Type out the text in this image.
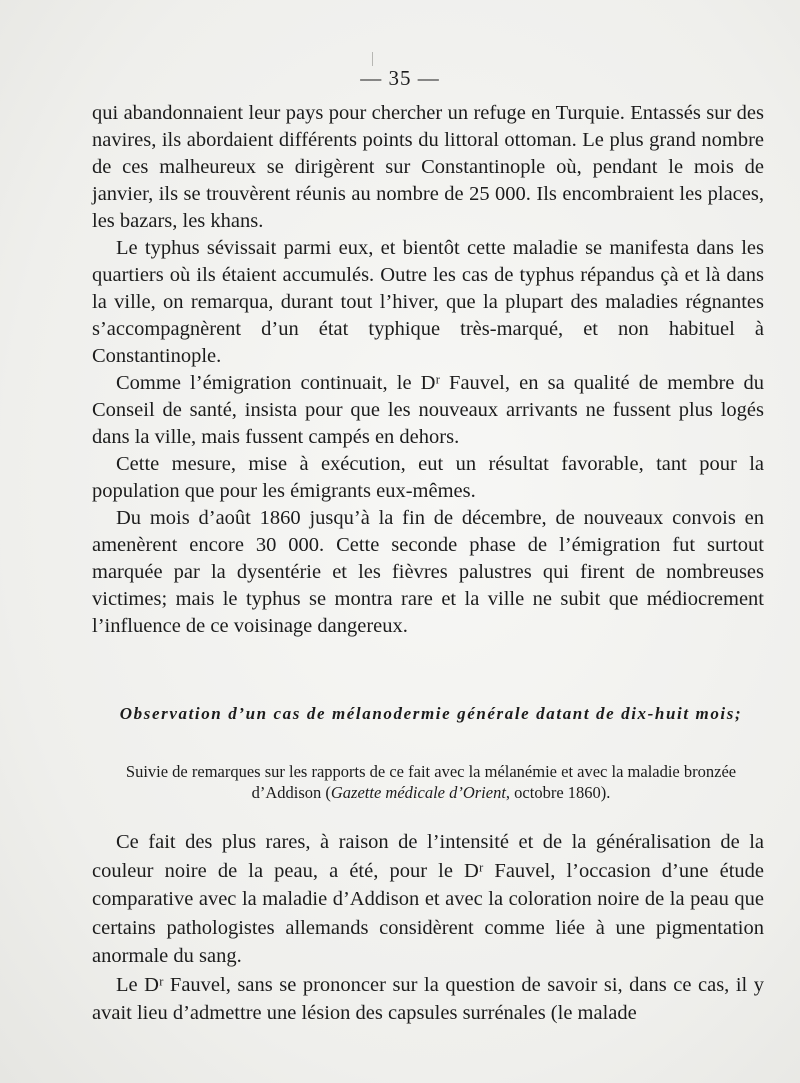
— 35 —

qui abandonnaient leur pays pour chercher un refuge en Turquie. Entassés sur des navires, ils abordaient différents points du littoral ottoman. Le plus grand nombre de ces malheureux se dirigèrent sur Constantinople où, pendant le mois de janvier, ils se trouvèrent réunis au nombre de 25 000. Ils encombraient les places, les bazars, les khans.

Le typhus sévissait parmi eux, et bientôt cette maladie se manifesta dans les quartiers où ils étaient accumulés. Outre les cas de typhus répandus çà et là dans la ville, on remarqua, durant tout l’hiver, que la plupart des maladies régnantes s’accompagnèrent d’un état typhique très-marqué, et non habituel à Constantinople.

Comme l’émigration continuait, le Dʳ Fauvel, en sa qualité de membre du Conseil de santé, insista pour que les nouveaux arrivants ne fussent plus logés dans la ville, mais fussent campés en dehors.

Cette mesure, mise à exécution, eut un résultat favorable, tant pour la population que pour les émigrants eux-mêmes.

Du mois d’août 1860 jusqu’à la fin de décembre, de nouveaux convois en amenèrent encore 30 000. Cette seconde phase de l’émigration fut surtout marquée par la dysentérie et les fièvres palustres qui firent de nombreuses victimes; mais le typhus se montra rare et la ville ne subit que médiocrement l’influence de ce voisinage dangereux.

Observation d’un cas de mélanodermie générale datant de dix-huit mois;
Suivie de remarques sur les rapports de ce fait avec la mélanémie et avec la maladie bronzée d’Addison (Gazette médicale d’Orient, octobre 1860).

Ce fait des plus rares, à raison de l’intensité et de la généralisation de la couleur noire de la peau, a été, pour le Dʳ Fauvel, l’occasion d’une étude comparative avec la maladie d’Addison et avec la coloration noire de la peau que certains pathologistes allemands considèrent comme liée à une pigmentation anormale du sang.

Le Dʳ Fauvel, sans se prononcer sur la question de savoir si, dans ce cas, il y avait lieu d’admettre une lésion des capsules surrénales (le malade
